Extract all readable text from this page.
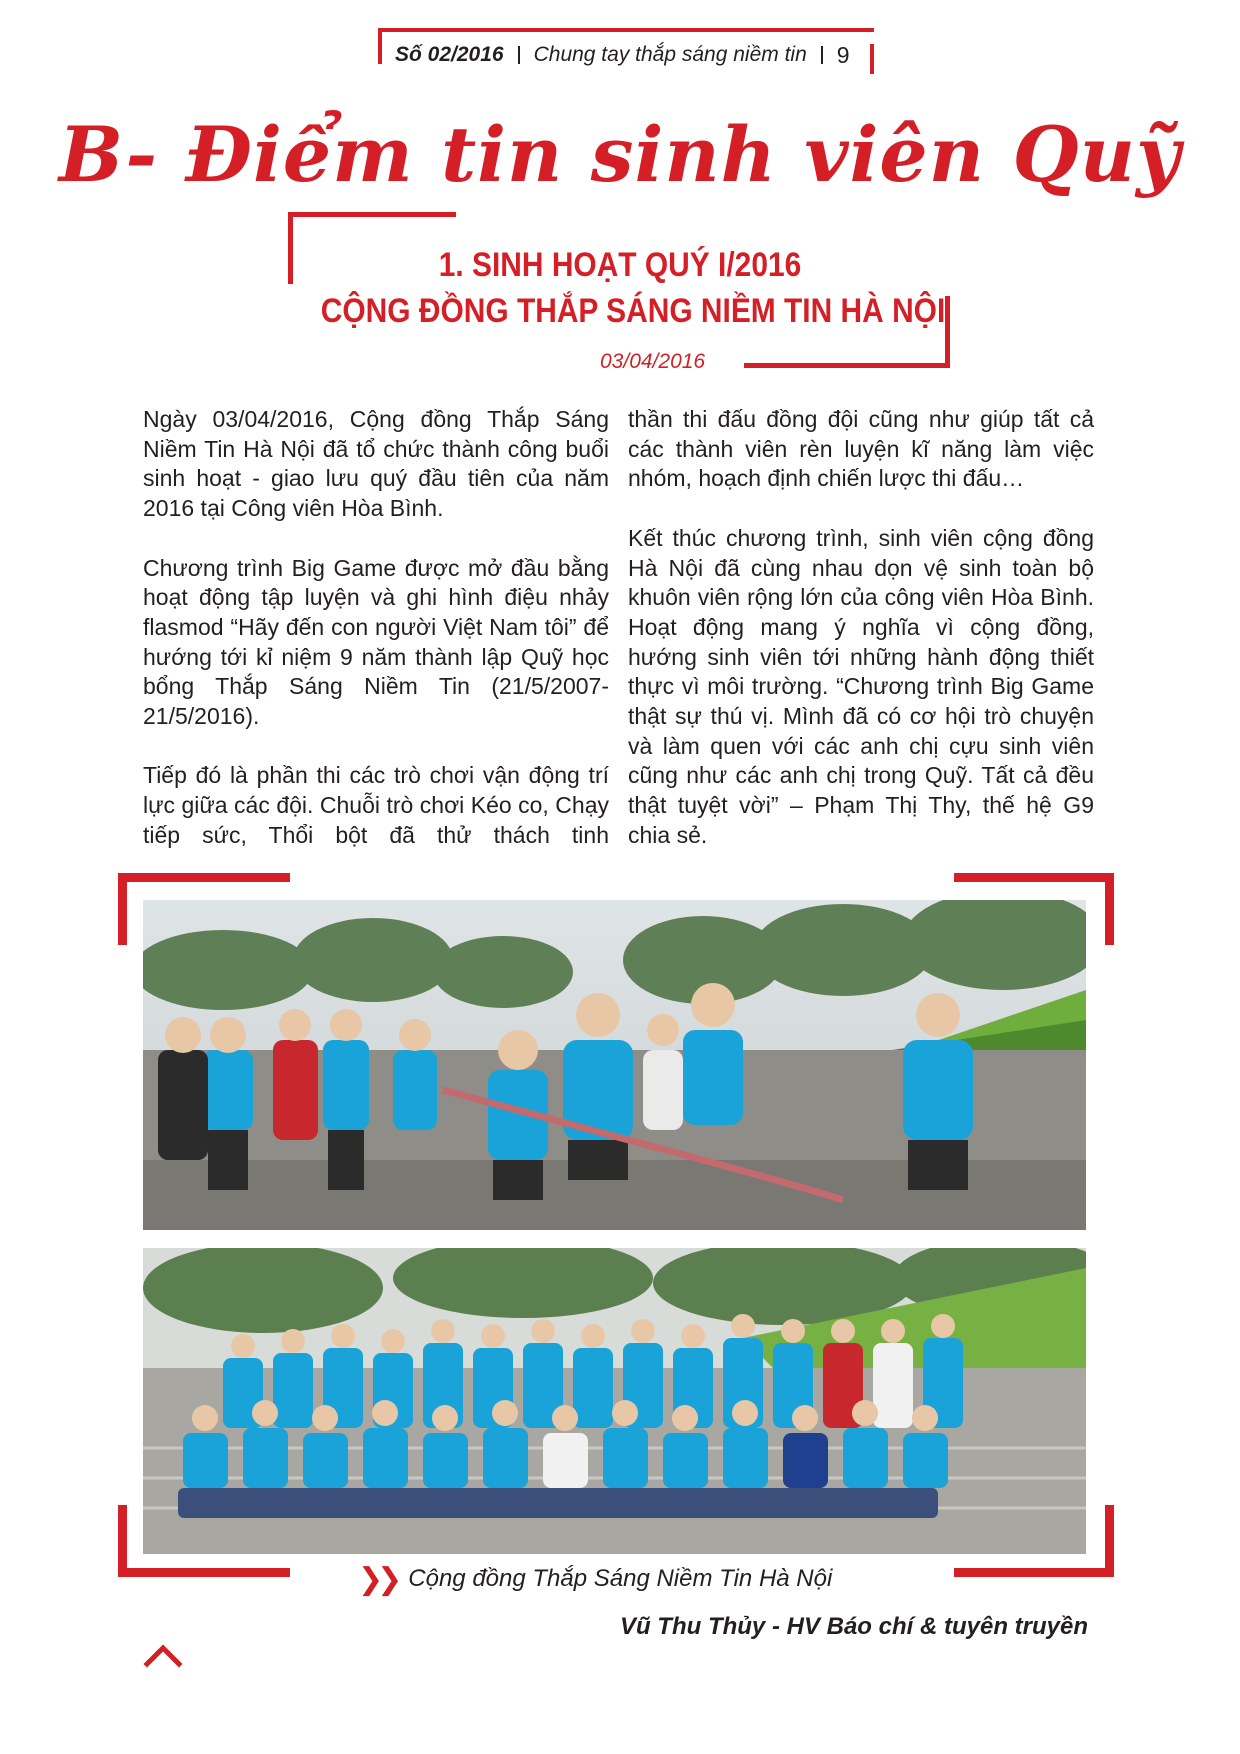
Số 02/2016 Chung tay thắp sáng niềm tin 9
B- Điểm tin sinh viên Quỹ
1. SINH HOẠT QUÝ I/2016
CỘNG ĐỒNG THẮP SÁNG NIỀM TIN HÀ NỘI
03/04/2016

Ngày 03/04/2016, Cộng đồng Thắp Sáng Niềm Tin Hà Nội đã tổ chức thành công buổi sinh hoạt - giao lưu quý đầu tiên của năm 2016 tại Công viên Hòa Bình.

Chương trình Big Game được mở đầu bằng hoạt động tập luyện và ghi hình điệu nhảy flasmod “Hãy đến con người Việt Nam tôi” để hướng tới kỉ niệm 9 năm thành lập Quỹ học bổng Thắp Sáng Niềm Tin (21/5/2007- 21/5/2016).

Tiếp đó là phần thi các trò chơi vận động trí lực giữa các đội. Chuỗi trò chơi Kéo co, Chạy tiếp sức, Thổi bột đã thử thách tinh

thần thi đấu đồng đội cũng như giúp tất cả các thành viên rèn luyện kĩ năng làm việc nhóm, hoạch định chiến lược thi đấu…

Kết thúc chương trình, sinh viên cộng đồng Hà Nội đã cùng nhau dọn vệ sinh toàn bộ khuôn viên rộng lớn của công viên Hòa Bình. Hoạt động mang ý nghĩa vì cộng đồng, hướng sinh viên tới những hành động thiết thực vì môi trường. “Chương trình Big Game thật sự thú vị. Mình đã có cơ hội trò chuyện và làm quen với các anh chị cựu sinh viên cũng như các anh chị trong Quỹ. Tất cả đều thật tuyệt vời” – Phạm Thị Thy, thế hệ G9 chia sẻ.

❯❯ Cộng đồng Thắp Sáng Niềm Tin Hà Nội
Vũ Thu Thủy - HV Báo chí & tuyên truyền
